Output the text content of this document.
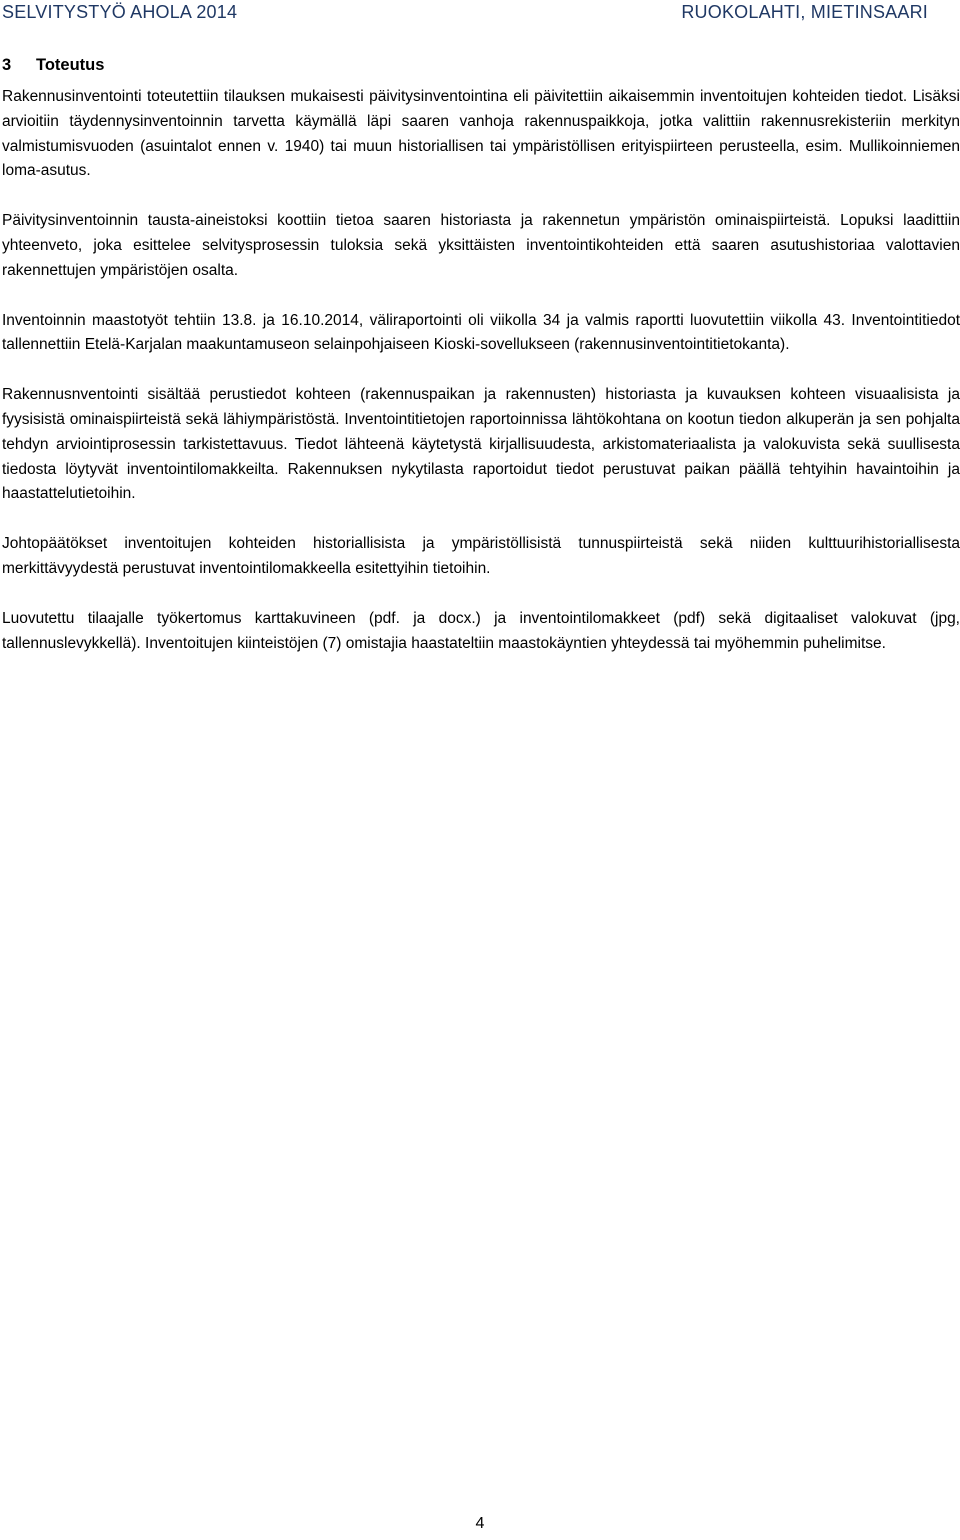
SELVITYSTYÖ AHOLA 2014	RUOKOLAHTI, MIETINSAARI
3 Toteutus

Rakennusinventointi toteutettiin tilauksen mukaisesti päivitysinventointina eli päivitettiin aikaisemmin inventoitujen kohteiden tiedot. Lisäksi arvioitiin täydennysinventoinnin tarvetta käymällä läpi saaren vanhoja rakennuspaikkoja, jotka valittiin rakennusrekisteriin merkityn valmistumisvuoden (asuintalot ennen v. 1940) tai muun historiallisen tai ympäristöllisen erityispiirteen perusteella, esim. Mullikoinniemen loma-asutus.

Päivitysinventoinnin tausta-aineistoksi koottiin tietoa saaren historiasta ja rakennetun ympäristön ominaispiirteistä. Lopuksi laadittiin yhteenveto, joka esittelee selvitysprosessin tuloksia sekä yksittäisten inventointikohteiden että saaren asutushistoriaa valottavien rakennettujen ympäristöjen osalta.

Inventoinnin maastotyöt tehtiin 13.8. ja 16.10.2014, väliraportointi oli viikolla 34 ja valmis raportti luovutettiin viikolla 43. Inventointitiedot tallennettiin Etelä-Karjalan maakuntamuseon selainpohjaiseen Kioski-sovellukseen (rakennusinventointitietokanta).

Rakennusnventointi sisältää perustiedot kohteen (rakennuspaikan ja rakennusten) historiasta ja kuvauksen kohteen visuaalisista ja fyysisistä ominaispiirteistä sekä lähiympäristöstä. Inventointitietojen raportoinnissa lähtökohtana on kootun tiedon alkuperän ja sen pohjalta tehdyn arviointiprosessin tarkistettavuus. Tiedot lähteenä käytetystä kirjallisuudesta, arkistomateriaalista ja valokuvista sekä suullisesta tiedosta löytyvät inventointilomakkeilta. Rakennuksen nykytilasta raportoidut tiedot perustuvat paikan päällä tehtyihin havaintoihin ja haastattelutietoihin.

Johtopäätökset inventoitujen kohteiden historiallisista ja ympäristöllisistä tunnuspiirteistä sekä niiden kulttuurihistoriallisesta merkittävyydestä perustuvat inventointilomakkeella esitettyihin tietoihin.

Luovutettu tilaajalle työkertomus karttakuvineen (pdf. ja docx.) ja inventointilomakkeet (pdf) sekä digitaaliset valokuvat (jpg, tallennuslevykkellä). Inventoitujen kiinteistöjen (7) omistajia haastateltiin maastokäyntien yhteydessä tai myöhemmin puhelimitse.

4
